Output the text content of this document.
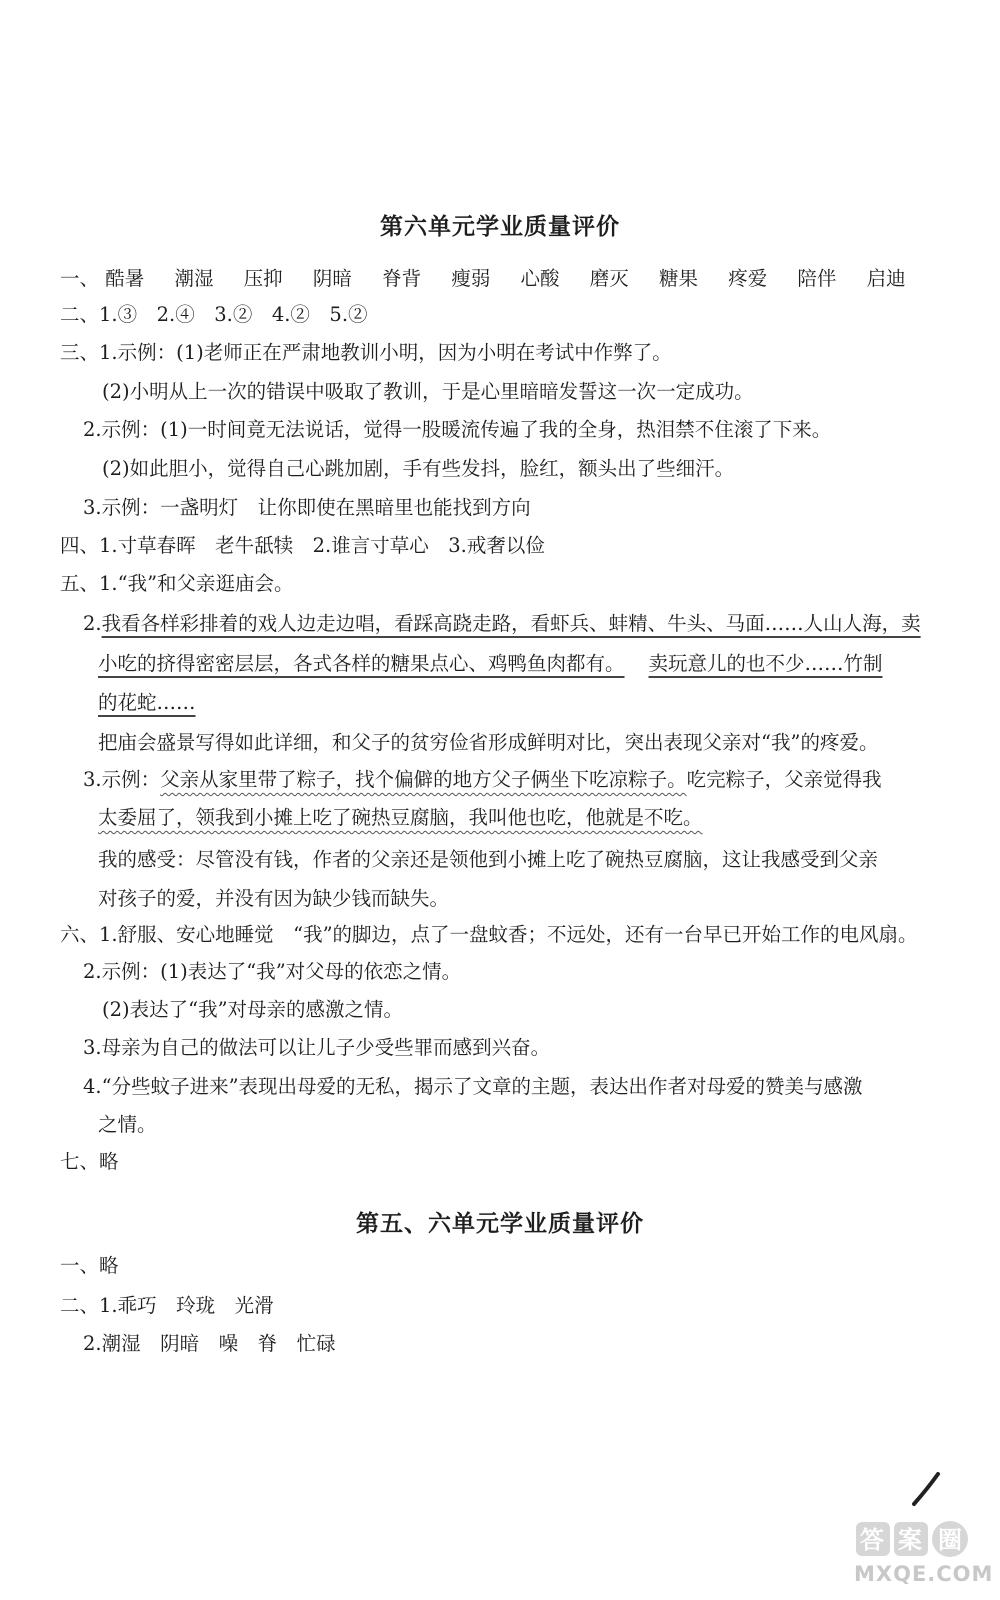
第六单元学业质量评价
一、 酷暑 潮湿 压抑 阴暗 脊背 瘦弱 心酸 磨灭 糖果 疼爱 陪伴 启迪
二、1.③　2.④　3.②　4.②　5.②
三、1.示例：(1)老师正在严肃地教训小明，因为小明在考试中作弊了。
(2)小明从上一次的错误中吸取了教训，于是心里暗暗发誓这一次一定成功。
2.示例：(1)一时间竟无法说话，觉得一股暖流传遍了我的全身，热泪禁不住滚了下来。
(2)如此胆小，觉得自己心跳加剧，手有些发抖，脸红，额头出了些细汗。
3.示例：一盏明灯　让你即使在黑暗里也能找到方向
四、1.寸草春晖　老牛舐犊　2.谁言寸草心　3.戒奢以俭
五、1.“我”和父亲逛庙会。
2.我看各样彩排着的戏人边走边唱，看踩高跷走路，看虾兵、蚌精、牛头、马面……人山人海，卖
小吃的挤得密密层层，各式各样的糖果点心、鸡鸭鱼肉都有。 卖玩意儿的也不少……竹制
的花蛇……
把庙会盛景写得如此详细，和父子的贫穷俭省形成鲜明对比，突出表现父亲对“我”的疼爱。
3.示例：父亲从家里带了粽子，找个偏僻的地方父子俩坐下吃凉粽子。吃完粽子，父亲觉得我
太委屈了，领我到小摊上吃了碗热豆腐脑，我叫他也吃，他就是不吃。
我的感受：尽管没有钱，作者的父亲还是领他到小摊上吃了碗热豆腐脑，这让我感受到父亲
对孩子的爱，并没有因为缺少钱而缺失。
六、1.舒服、安心地睡觉　“我”的脚边，点了一盘蚊香；不远处，还有一台早已开始工作的电风扇。
2.示例：(1)表达了“我”对父母的依恋之情。
(2)表达了“我”对母亲的感激之情。
3.母亲为自己的做法可以让儿子少受些罪而感到兴奋。
4.“分些蚊子进来”表现出母爱的无私，揭示了文章的主题，表达出作者对母爱的赞美与感激
之情。
七、略
第五、六单元学业质量评价
一、略
二、1.乖巧　玲珑　光滑
2.潮湿　阴暗　噪　脊　忙碌
答 案 圈
MXQE.COM
